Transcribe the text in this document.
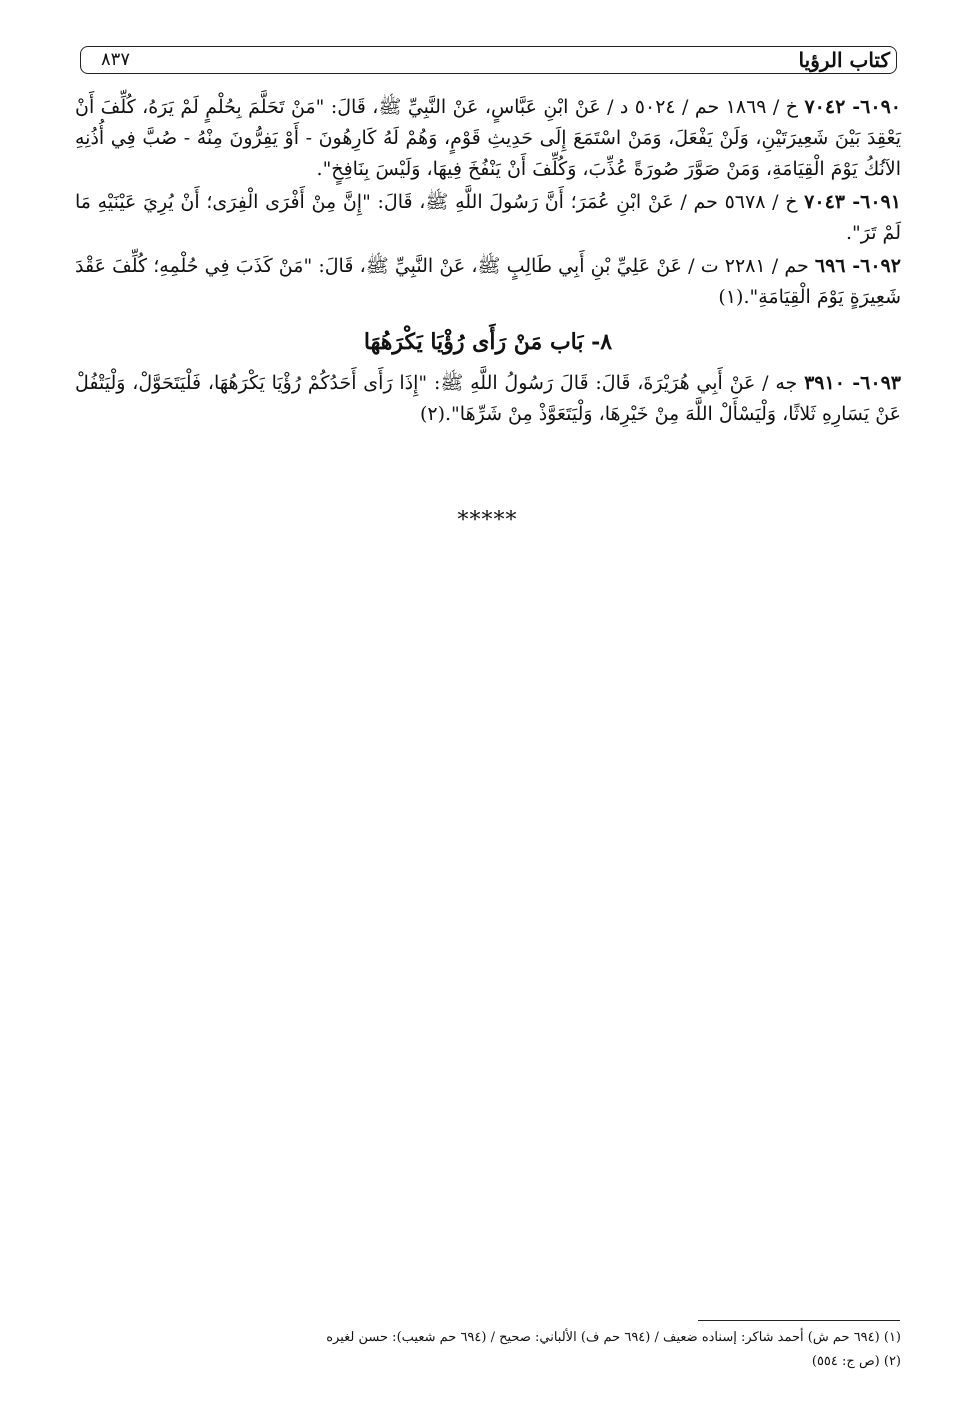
كتاب الرؤيا
٨٣٧

٦٠٩٠- ٧٠٤٢ خ / ١٨٦٩ حم / ٥٠٢٤ د / عَنْ ابْنِ عَبَّاسٍ، عَنْ النَّبِيِّ ﷺ، قَالَ: "مَنْ تَحَلَّمَ بِحُلْمٍ لَمْ يَرَهُ، كُلِّفَ أَنْ يَعْقِدَ بَيْنَ شَعِيرَتَيْنِ، وَلَنْ يَفْعَلَ، وَمَنْ اسْتَمَعَ إِلَى حَدِيثِ قَوْمٍ، وَهُمْ لَهُ كَارِهُونَ - أَوْ يَفِرُّونَ مِنْهُ - صُبَّ فِي أُذُنِهِ الآنُكُ يَوْمَ الْقِيَامَةِ، وَمَنْ صَوَّرَ صُورَةً عُذِّبَ، وَكُلِّفَ أَنْ يَنْفُخَ فِيهَا، وَلَيْسَ بِنَافِخٍ".

٦٠٩١- ٧٠٤٣ خ / ٥٦٧٨ حم / عَنْ ابْنِ عُمَرَ؛ أَنَّ رَسُولَ اللَّهِ ﷺ، قَالَ: "إِنَّ مِنْ أَفْرَى الْفِرَى؛ أَنْ يُرِيَ عَيْنَيْهِ مَا لَمْ تَرَ".

٦٠٩٢- ٦٩٦ حم / ٢٢٨١ ت / عَنْ عَلِيِّ بْنِ أَبِي طَالِبٍ ﷺ، عَنْ النَّبِيِّ ﷺ، قَالَ: "مَنْ كَذَبَ فِي حُلْمِهِ؛ كُلِّفَ عَقْدَ شَعِيرَةٍ يَوْمَ الْقِيَامَةِ".(١)

٨- بَاب مَنْ رَأَى رُؤْيَا يَكْرَهُهَا

٦٠٩٣- ٣٩١٠ جه / عَنْ أَبِي هُرَيْرَةَ، قَالَ: قَالَ رَسُولُ اللَّهِ ﷺ: "إِذَا رَأَى أَحَدُكُمْ رُؤْيَا يَكْرَهُهَا، فَلْيَتَحَوَّلْ، وَلْيَتْفُلْ عَنْ يَسَارِهِ ثَلاثًا، وَلْيَسْأَلْ اللَّهَ مِنْ خَيْرِهَا، وَلْيَتَعَوَّذْ مِنْ شَرِّهَا".(٢)

*****
(١) (٦٩٤ حم ش) أحمد شاكر: إسناده ضعيف / (٦٩٤ حم ف) الألباني: صحيح / (٦٩٤ حم شعيب): حسن لغيره
(٢) (ص ج: ٥٥٤)
